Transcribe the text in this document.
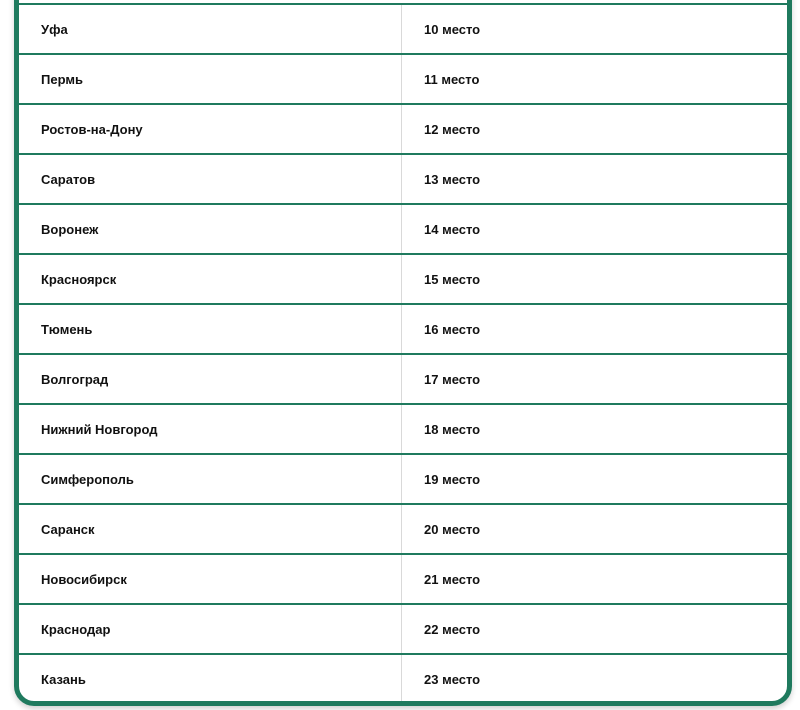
Уфа	10 место
Пермь	11 место
Ростов-на-Дону	12 место
Саратов	13 место
Воронеж	14 место
Красноярск	15 место
Тюмень	16 место
Волгоград	17 место
Нижний Новгород	18 место
Симферополь	19 место
Саранск	20 место
Новосибирск	21 место
Краснодар	22 место
Казань	23 место
